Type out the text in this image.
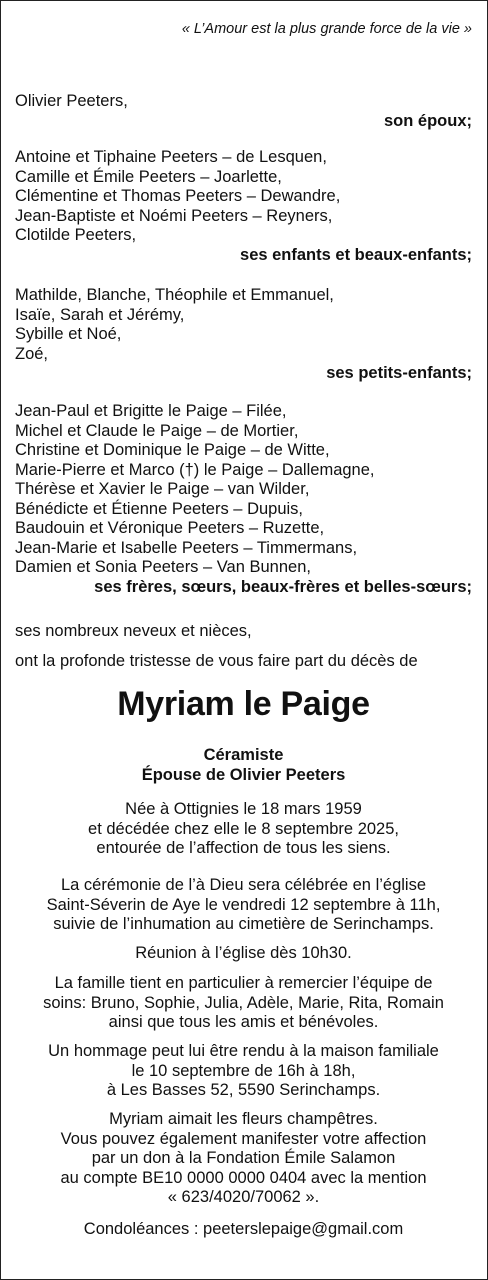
« L’Amour est la plus grande force de la vie »
Olivier Peeters,
son époux;
Antoine et Tiphaine Peeters – de Lesquen,
Camille et Émile Peeters – Joarlette,
Clémentine et Thomas Peeters – Dewandre,
Jean-Baptiste et Noémi Peeters – Reyners,
Clotilde Peeters,
ses enfants et beaux-enfants;
Mathilde, Blanche, Théophile et Emmanuel,
Isaïe, Sarah et Jérémy,
Sybille et Noé,
Zoé,
ses petits-enfants;
Jean-Paul et Brigitte le Paige – Filée,
Michel et Claude le Paige – de Mortier,
Christine et Dominique le Paige – de Witte,
Marie-Pierre et Marco (†) le Paige – Dallemagne,
Thérèse et Xavier le Paige – van Wilder,
Bénédicte et Étienne Peeters – Dupuis,
Baudouin et Véronique Peeters – Ruzette,
Jean-Marie et Isabelle Peeters – Timmermans,
Damien et Sonia Peeters – Van Bunnen,
ses frères, sœurs, beaux-frères et belles-sœurs;
ses nombreux neveux et nièces,
ont la profonde tristesse de vous faire part du décès de
Myriam le Paige
Céramiste
Épouse de Olivier Peeters
Née à Ottignies le 18 mars 1959
et décédée chez elle le 8 septembre 2025,
entourée de l’affection de tous les siens.
La cérémonie de l’à Dieu sera célébrée en l’église
Saint-Séverin de Aye le vendredi 12 septembre à 11h,
suivie de l’inhumation au cimetière de Serinchamps.
Réunion à l’église dès 10h30.
La famille tient en particulier à remercier l’équipe de
soins: Bruno, Sophie, Julia, Adèle, Marie, Rita, Romain
ainsi que tous les amis et bénévoles.
Un hommage peut lui être rendu à la maison familiale
le 10 septembre de 16h à 18h,
à Les Basses 52, 5590 Serinchamps.
Myriam aimait les fleurs champêtres.
Vous pouvez également manifester votre affection
par un don à la Fondation Émile Salamon
au compte BE10 0000 0000 0404 avec la mention
« 623/4020/70062 ».
Condoléances : peeterslepaige@gmail.com
